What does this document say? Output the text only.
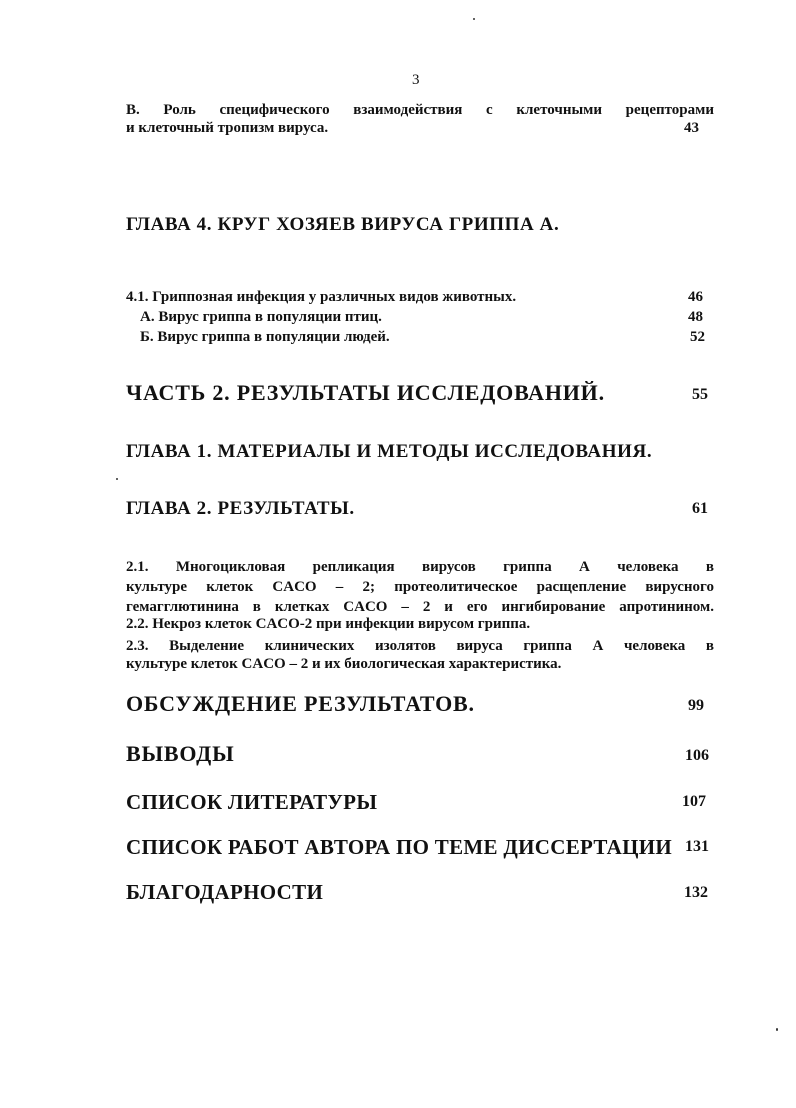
3
В. Роль специфического взаимодействия с клеточными рецепторами
и клеточный тропизм вируса.	43
ГЛАВА 4. КРУГ ХОЗЯЕВ ВИРУСА ГРИППА А.
4.1. Гриппозная инфекция у различных видов животных.	46
А. Вирус гриппа в популяции птиц.	48
Б. Вирус гриппа в популяции людей.	52
ЧАСТЬ 2. РЕЗУЛЬТАТЫ ИССЛЕДОВАНИЙ.	55
ГЛАВА 1. МАТЕРИАЛЫ И МЕТОДЫ ИССЛЕДОВАНИЯ.
ГЛАВА 2. РЕЗУЛЬТАТЫ.	61
2.1. Многоцикловая репликация вирусов гриппа А человека в
культуре клеток CACO – 2; протеолитическое расщепление вирусного
гемагглютинина в клетках CACO – 2 и его ингибирование апротинином.
2.2. Некроз клеток CACO-2 при инфекции вирусом гриппа.
2.3. Выделение клинических изолятов вируса гриппа А человека в
культуре клеток CACO – 2 и их биологическая характеристика.
ОБСУЖДЕНИЕ РЕЗУЛЬТАТОВ.	99
ВЫВОДЫ	106
СПИСОК ЛИТЕРАТУРЫ	107
СПИСОК РАБОТ АВТОРА ПО ТЕМЕ ДИССЕРТАЦИИ 131
БЛАГОДАРНОСТИ	132
